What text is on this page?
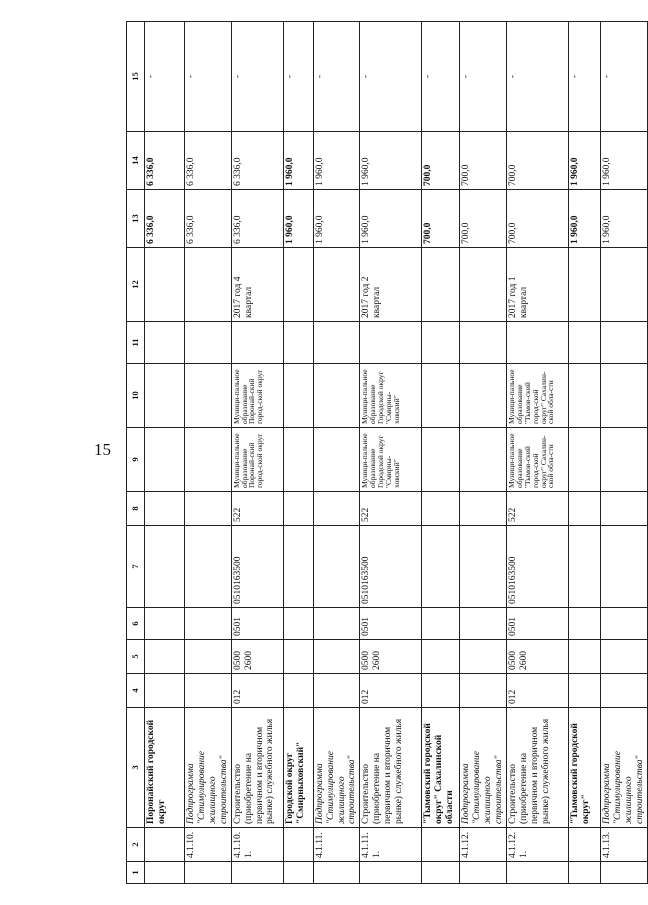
15
1	2	3	4	5	6	7	8	9	10	11	12	13	14	15
		Поронайский городской округ										6 336,0	6 336,0	-
	4.1.10.	Подпрограмма "Стимулирование жилищного строительства"										6 336,0	6 336,0	-
	4.1.10.1.	Строительство (приобретение на первичном и вторичном рынке) служебного жилья	012	0500 2600	0501	0510163500	522	Муници-пальное образование Поронай-ский город-ской округ	Муници-пальное образование Поронай-ский город-ской округ		2017 год 4 квартал	6 336,0	6 336,0	-
		Городской округ "Смирныховский"										1 960,0	1 960,0	-
	4.1.11.	Подпрограмма "Стимулирование жилищного строительства"										1 960,0	1 960,0	-
	4.1.11.1.	Строительство (приобретение на первичном и вторичном рынке) служебного жилья	012	0500 2600	0501	0510163500	522	Муници-пальное образование Городской округ "Смирны-ховский"	Муници-пальное образование Городской округ "Смирны-ховский"		2017 год 2 квартал	1 960,0	1 960,0	-
		"Тымовский городской округ" Сахалинской области										700,0	700,0	-
	4.1.12.	Подпрограмма "Стимулирование жилищного строительства"										700,0	700,0	-
	4.1.12.1.	Строительство (приобретение на первичном и вторичном рынке) служебного жилья	012	0500 2600	0501	0510163500	522	Муници-пальное образование "Тымов-ский город-ской округ" Сахалин-ской обла-сти	Муници-пальное образование "Тымов-ский город-ской округ" Сахалин-ской обла-сти		2017 год 1 квартал	700,0	700,0	-
		"Тымовский городской округ"										1 960,0	1 960,0	-
	4.1.13.	Подпрограмма "Стимулирование жилищного строительства"										1 960,0	1 960,0	-
